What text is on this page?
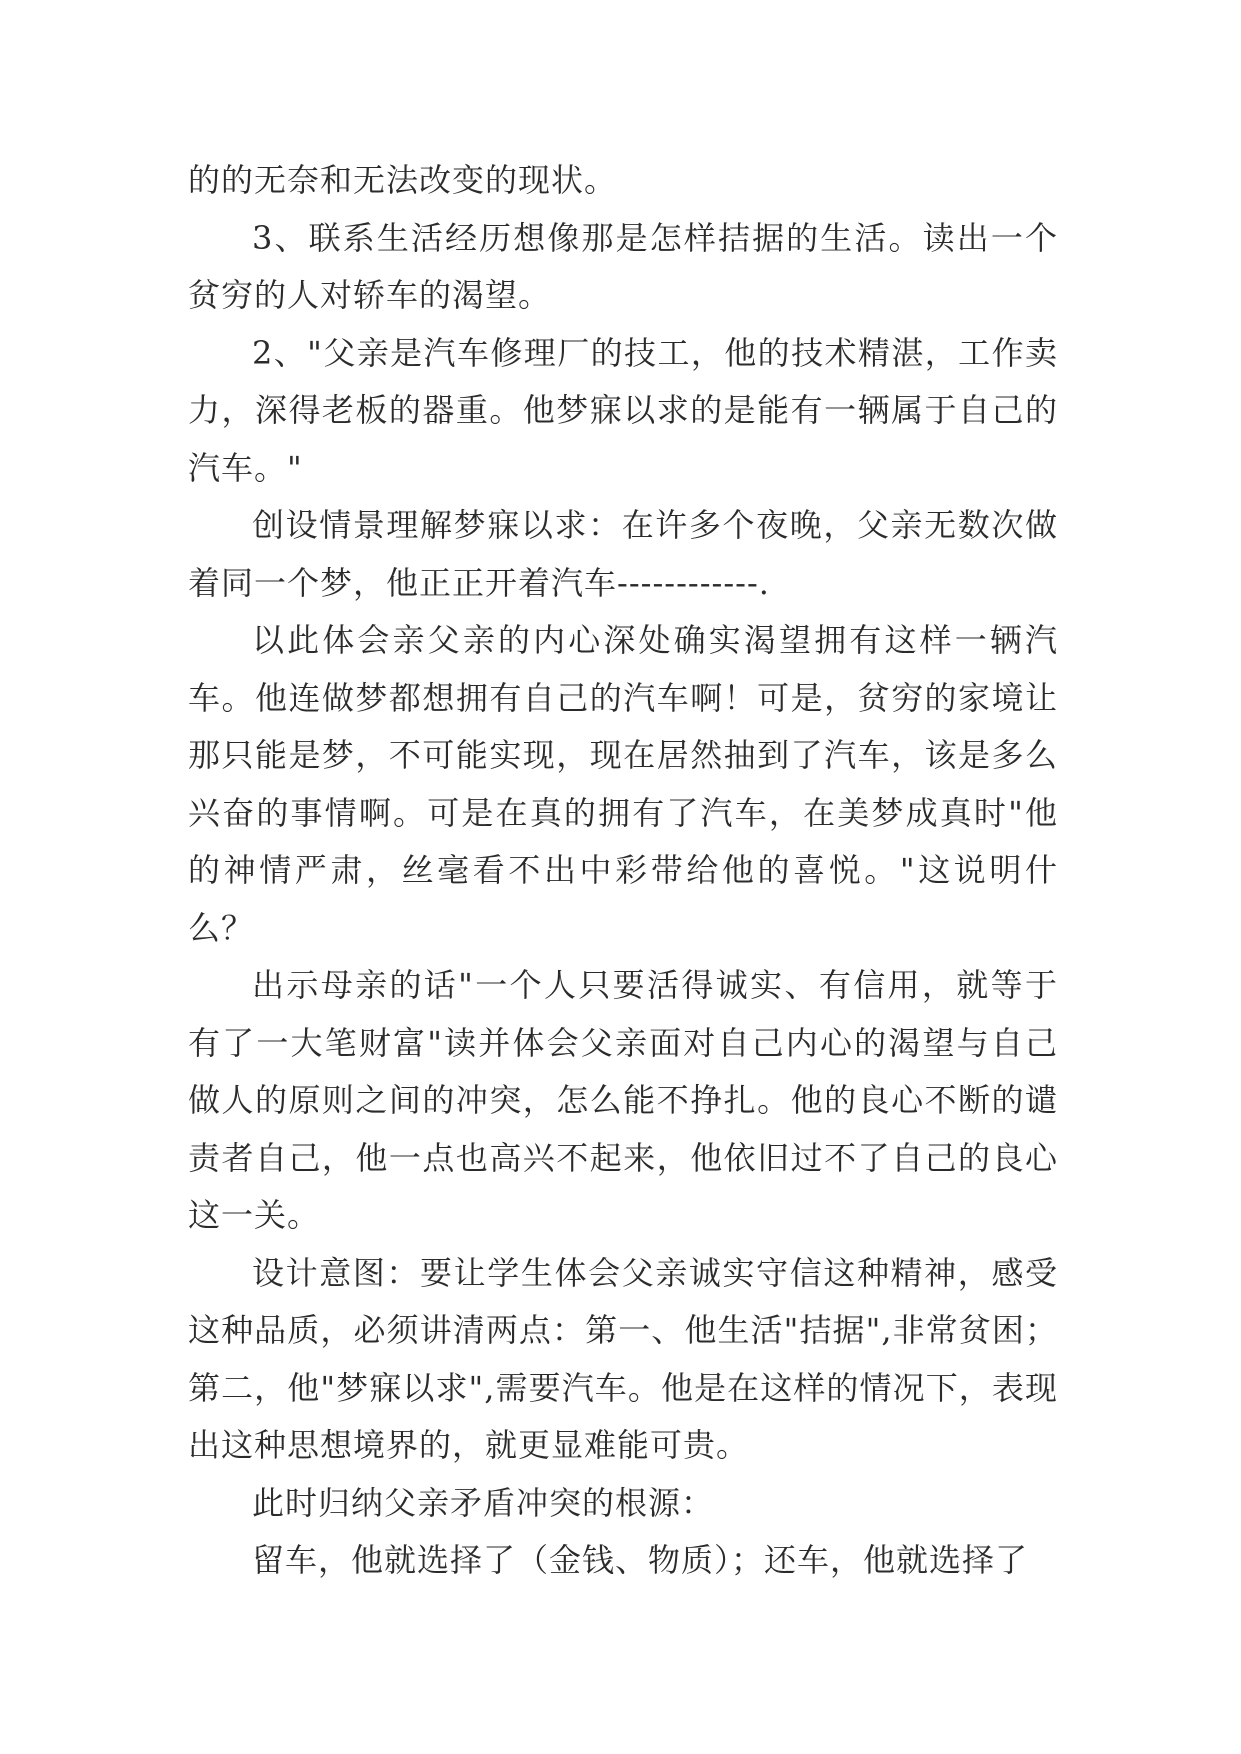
的的无奈和无法改变的现状。

3、联系生活经历想像那是怎样拮据的生活。读出一个贫穷的人对轿车的渴望。

2、"父亲是汽车修理厂的技工，他的技术精湛，工作卖力，深得老板的器重。他梦寐以求的是能有一辆属于自己的汽车。"

创设情景理解梦寐以求：在许多个夜晚，父亲无数次做着同一个梦，他正正开着汽车------------.

以此体会亲父亲的内心深处确实渴望拥有这样一辆汽车。他连做梦都想拥有自己的汽车啊！可是，贫穷的家境让那只能是梦，不可能实现，现在居然抽到了汽车，该是多么兴奋的事情啊。可是在真的拥有了汽车，在美梦成真时"他的神情严肃，丝毫看不出中彩带给他的喜悦。"这说明什么？

出示母亲的话"一个人只要活得诚实、有信用，就等于有了一大笔财富"读并体会父亲面对自己内心的渴望与自己做人的原则之间的冲突，怎么能不挣扎。他的良心不断的谴责者自己，他一点也高兴不起来，他依旧过不了自己的良心这一关。

设计意图：要让学生体会父亲诚实守信这种精神，感受这种品质，必须讲清两点：第一、他生活"拮据",非常贫困；第二，他"梦寐以求",需要汽车。他是在这样的情况下，表现出这种思想境界的，就更显难能可贵。

此时归纳父亲矛盾冲突的根源：

留车，他就选择了（金钱、物质）；还车，他就选择了
